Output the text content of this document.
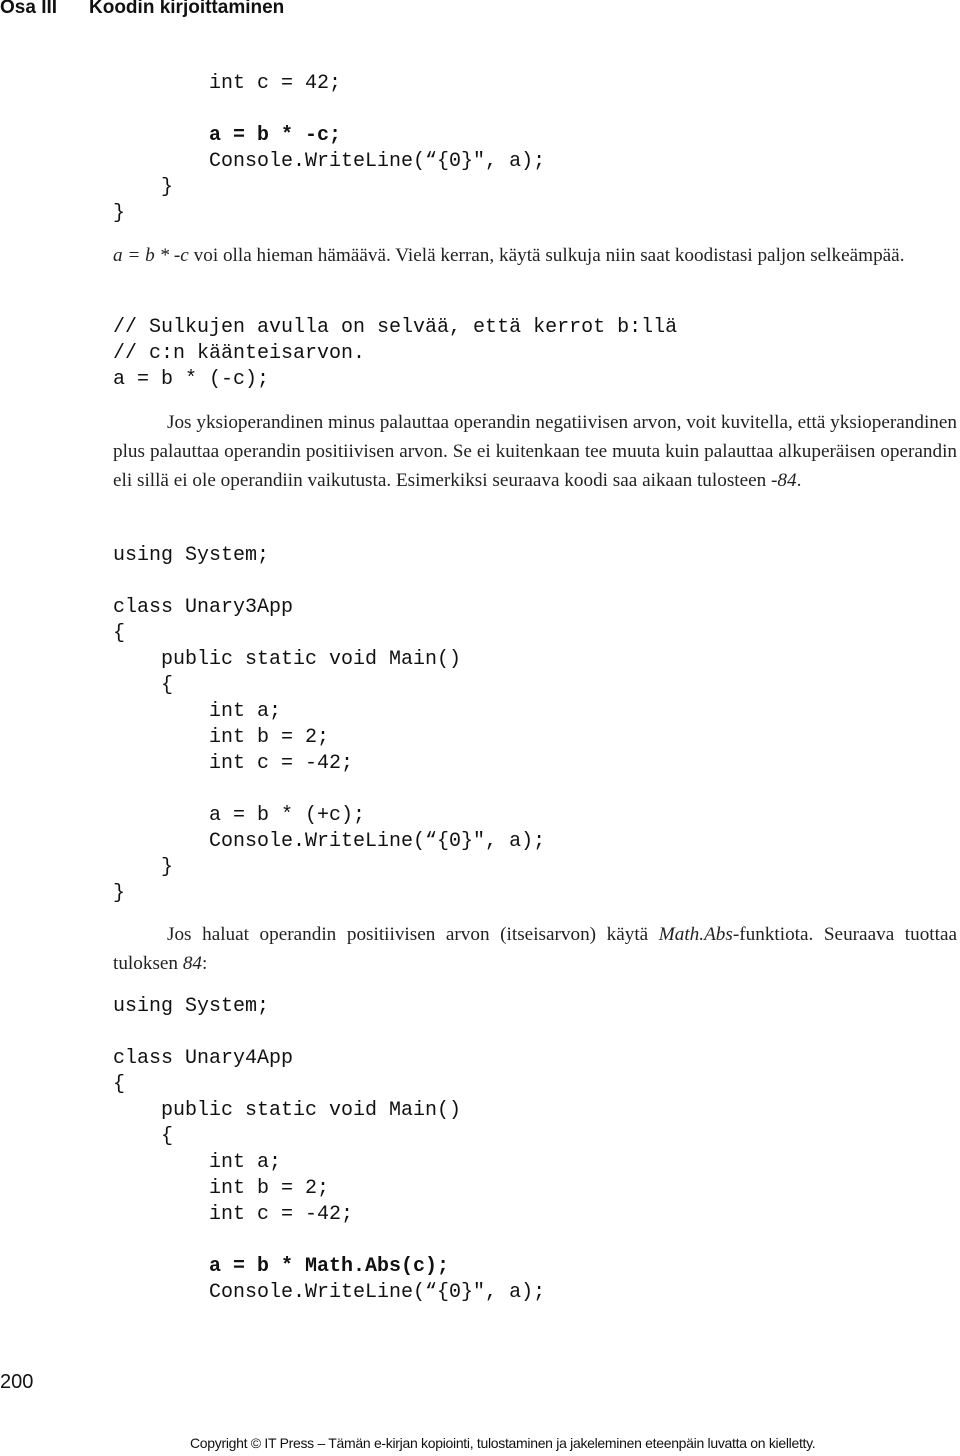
Osa III Koodin kirjoittaminen
int c = 42;
a = b * -c;
Console.WriteLine(“{0}", a);
}
}

a = b * -c voi olla hieman hämäävä. Vielä kerran, käytä sulkuja niin saat koodistasi paljon selkeämpää.

// Sulkujen avulla on selvää, että kerrot b:llä
// c:n käänteisarvon.
a = b * (-c);

Jos yksioperandinen minus palauttaa operandin negatiivisen arvon, voit kuvitella, että yksioperandinen plus palauttaa operandin positiivisen arvon. Se ei kuitenkaan tee muuta kuin palauttaa alkuperäisen operandin eli sillä ei ole operandiin vaikutusta. Esimerkiksi seuraava koodi saa aikaan tulosteen -84.

using System;
class Unary3App
{
public static void Main()
{
int a;
int b = 2;
int c = -42;
a = b * (+c);
Console.WriteLine(“{0}", a);
}
}

Jos haluat operandin positiivisen arvon (itseisarvon) käytä Math.Abs-funktiota. Seuraava tuottaa tuloksen 84:

using System;
class Unary4App
{
public static void Main()
{
int a;
int b = 2;
int c = -42;
a = b * Math.Abs(c);
Console.WriteLine(“{0}", a);
200
Copyright © IT Press – Tämän e-kirjan kopiointi, tulostaminen ja jakeleminen eteenpäin luvatta on kielletty.
